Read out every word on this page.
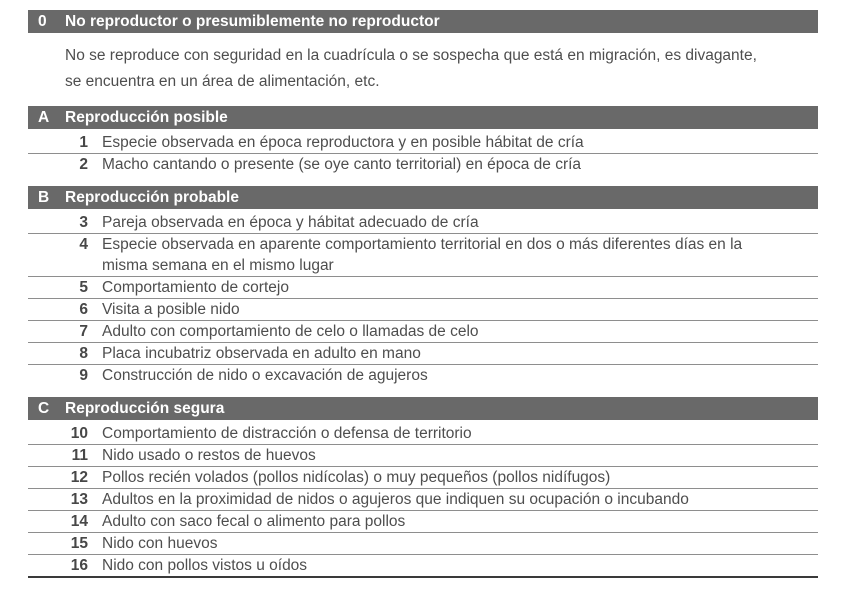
0	No reproductor o presumiblemente no reproductor

No se reproduce con seguridad en la cuadrícula o se sospecha que está en migración, es divagante, se encuentra en un área de alimentación, etc.

A	Reproducción posible
1 Especie observada en época reproductora y en posible hábitat de cría
2 Macho cantando o presente (se oye canto territorial) en época de cría
B	Reproducción probable
3 Pareja observada en época y hábitat adecuado de cría
4 Especie observada en aparente comportamiento territorial en dos o más diferentes días en la misma semana en el mismo lugar
5 Comportamiento de cortejo
6 Visita a posible nido
7 Adulto con comportamiento de celo o llamadas de celo
8 Placa incubatriz observada en adulto en mano
9 Construcción de nido o excavación de agujeros
C	Reproducción segura
10 Comportamiento de distracción o defensa de territorio
11 Nido usado o restos de huevos
12 Pollos recién volados (pollos nidícolas) o muy pequeños (pollos nidífugos)
13 Adultos en la proximidad de nidos o agujeros que indiquen su ocupación o incubando
14 Adulto con saco fecal o alimento para pollos
15 Nido con huevos
16 Nido con pollos vistos u oídos
